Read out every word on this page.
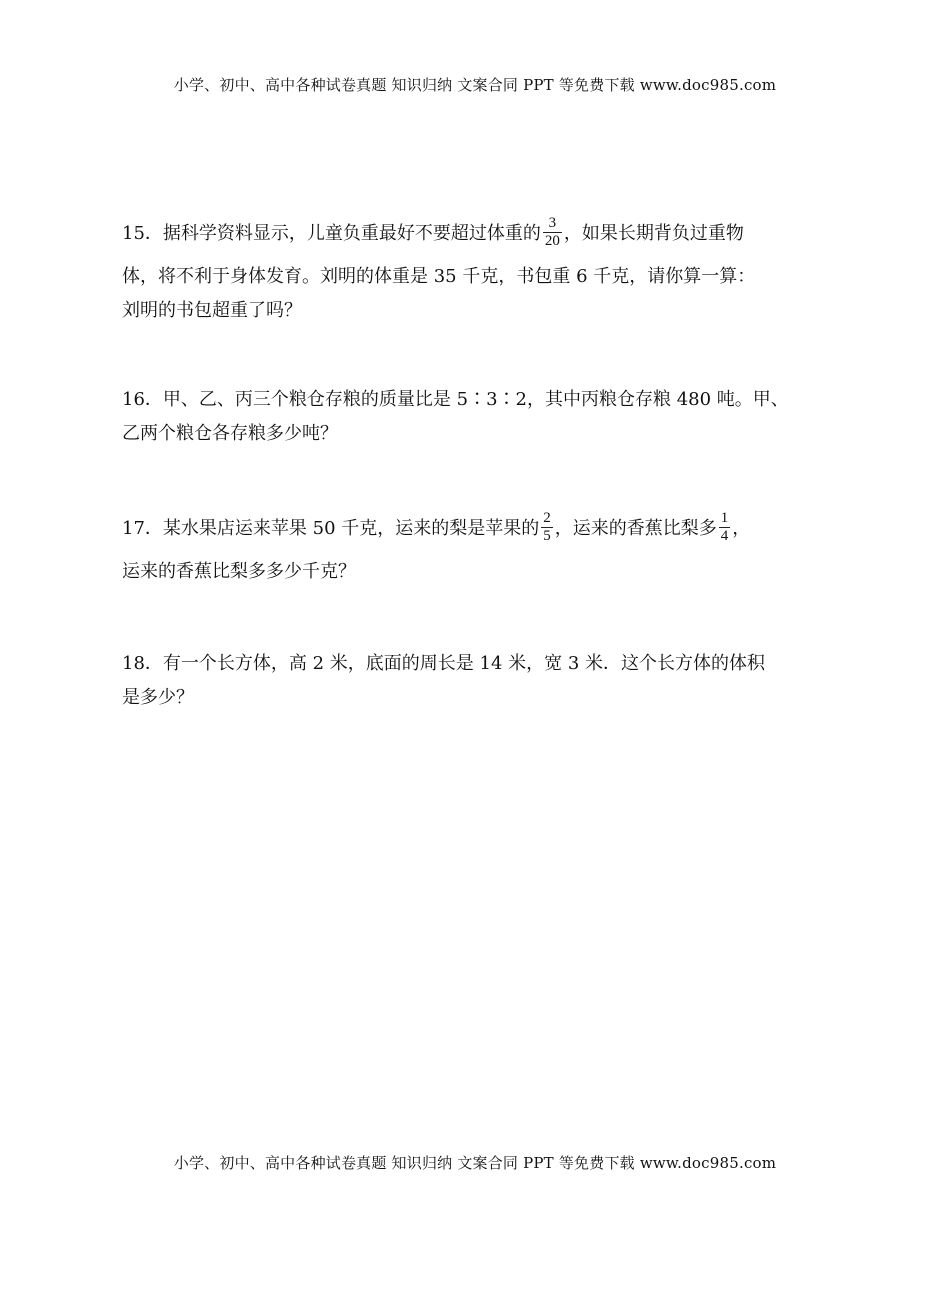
小学、初中、高中各种试卷真题 知识归纳 文案合同 PPT 等免费下载 www.doc985.com
15．据科学资料显示，儿童负重最好不要超过体重的 $\frac{3}{20}$ ，如果长期背负过重物
体，将不利于身体发育。刘明的体重是 35 千克，书包重 6 千克，请你算一算：
刘明的书包超重了吗？
16．甲、乙、丙三个粮仓存粮的质量比是 5∶3∶2，其中丙粮仓存粮 480 吨。甲、
乙两个粮仓各存粮多少吨？
17．某水果店运来苹果 50 千克，运来的梨是苹果的 $\frac{2}{5}$ ，运来的香蕉比梨多 $\frac{1}{4}$ ，
运来的香蕉比梨多多少千克？
18．有一个长方体，高 2 米，底面的周长是 14 米，宽 3 米．这个长方体的体积
是多少？
小学、初中、高中各种试卷真题 知识归纳 文案合同 PPT 等免费下载 www.doc985.com
